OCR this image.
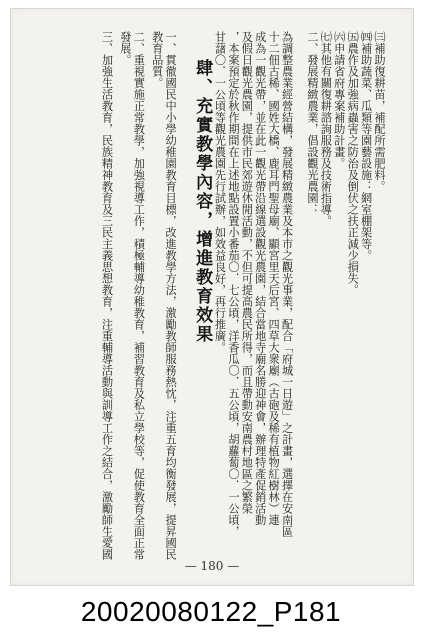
㈢補助復耕苗，補配所需肥料。

㈣補助蔬菜、瓜類等園藝設施：網室棚架等。

㈤農作及加強病蟲害之防治及倒伏之扶正減少損失。

㈥申請省府專案補助計畫。

㈦其他有關復耕諮詢服務及技術指導。

二、發展精緻農業，倡設觀光農園：

為調整農業經營結構，發展精緻農業及本市之觀光事業，配合「府城一日遊」之計畫，選擇在安南區

十二佃古稀、國姓大橋、鹿耳門聖母廟、顯宮里天后宮、四草大衆廟（古砲及稀有植物紅樹林）連

成為一觀光帶，並在此一觀光帶沿線選設觀光農園，結合當地寺廟名勝迎神會，辦理特產促銷活動

及假日觀光農園，提供市民郊遊休閒活動，不但可提高農民所得，而且帶動安南農村地區之繁榮

，本案預定於秋作期間在上述地點設置小番茄〇．七公頃，洋香瓜〇．五公頃，胡蘿蔔〇．一公頃，

甘藷〇．一公頃等觀光農園先行試辦，如效益良好，再行推廣。

肆、充實教學內容，增進教育效果

一、貫徹國民中小學幼稚園教育目標，改進教學方法，激勵教師服務熱忱，注重五育均衡發展，提昇國民

教育品質。

二、重視實施正常教學，加強視導工作，積極輔導幼稚教育，補習教育及私立學校等，促使教育全面正常

發展。

三、加強生活教育，民族精神教育及三民主義思想教育，注重輔導活動與訓導工作之結合，激勵師生愛國

— 180 —
20020080122_P181
